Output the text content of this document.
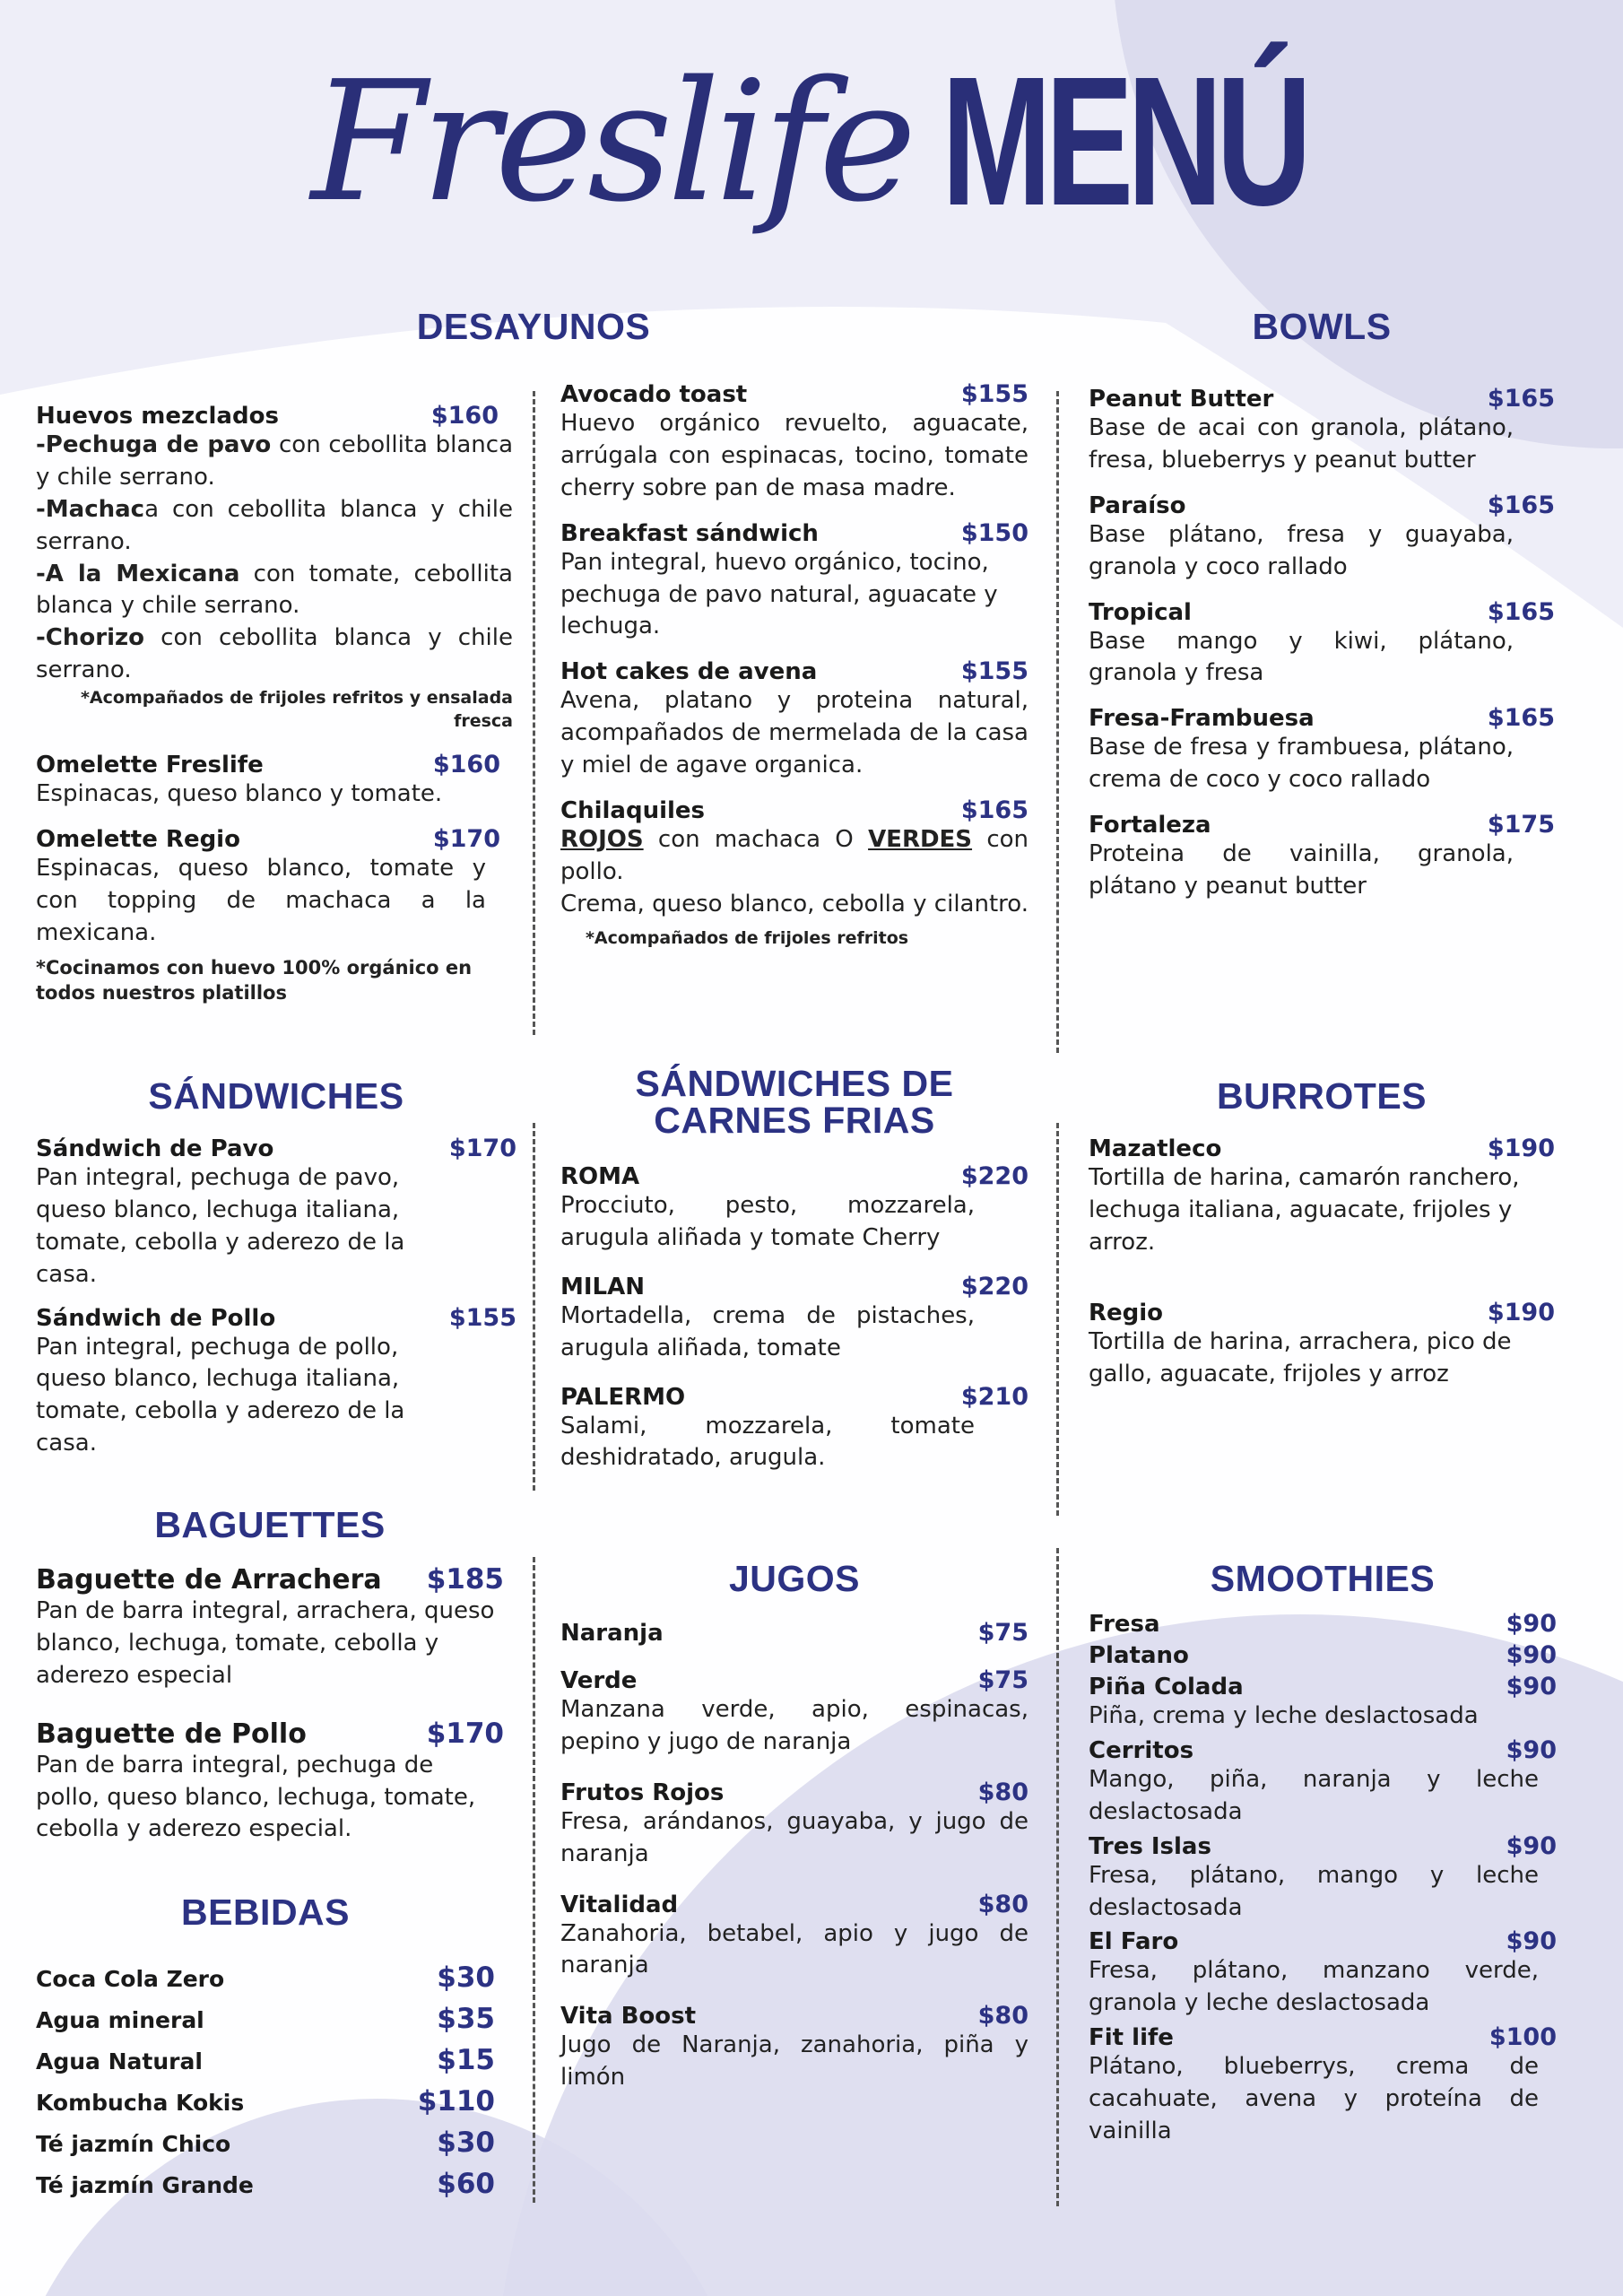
Freslife MENÚ
DESAYUNOS
Huevos mezclados	$160
-Pechuga de pavo con cebollita blanca y chile serrano.
-Machaca con cebollita blanca y chile serrano.
-A la Mexicana con tomate, cebollita blanca y chile serrano.
-Chorizo con cebollita blanca y chile serrano.
*Acompañados de frijoles refritos y ensalada fresca
Omelette Freslife	$160
Espinacas, queso blanco y tomate.
Omelette Regio	$170
Espinacas, queso blanco, tomate y con topping de machaca a la mexicana.
*Cocinamos con huevo 100% orgánico en todos nuestros platillos
Avocado toast	$155
Huevo orgánico revuelto, aguacate, arrúgala con espinacas, tocino, tomate cherry sobre pan de masa madre.
Breakfast sándwich	$150
Pan integral, huevo orgánico, tocino, pechuga de pavo natural, aguacate y lechuga.
Hot cakes de avena	$155
Avena, platano y proteina natural, acompañados de mermelada de la casa y miel de agave organica.
Chilaquiles	$165
ROJOS con machaca O VERDES con pollo.
Crema, queso blanco, cebolla y cilantro. *Acompañados de frijoles refritos
BOWLS
Peanut Butter	$165
Base de acai con granola, plátano, fresa, blueberrys y peanut butter
Paraíso	$165
Base plátano, fresa y guayaba, granola y coco rallado
Tropical	$165
Base mango y kiwi, plátano, granola y fresa
Fresa-Frambuesa	$165
Base de fresa y frambuesa, plátano, crema de coco y coco rallado
Fortaleza	$175
Proteina de vainilla, granola, plátano y peanut butter
SÁNDWICHES
Sándwich de Pavo	$170
Pan integral, pechuga de pavo, queso blanco, lechuga italiana, tomate, cebolla y aderezo de la casa.
Sándwich de Pollo	$155
Pan integral, pechuga de pollo, queso blanco, lechuga italiana, tomate, cebolla y aderezo de la casa.
SÁNDWICHES DE
CARNES FRIAS
ROMA	$220
Procciuto, pesto, mozzarela, arugula aliñada y tomate Cherry
MILAN	$220
Mortadella, crema de pistaches, arugula aliñada, tomate
PALERMO	$210
Salami, mozzarela, tomate deshidratado, arugula.
BURROTES
Mazatleco	$190
Tortilla de harina, camarón ranchero, lechuga italiana, aguacate, frijoles y arroz.
Regio	$190
Tortilla de harina, arrachera, pico de gallo, aguacate, frijoles y arroz
BAGUETTES
Baguette de Arrachera	$185
Pan de barra integral, arrachera, queso blanco, lechuga, tomate, cebolla y aderezo especial
Baguette de Pollo	$170
Pan de barra integral, pechuga de pollo, queso blanco, lechuga, tomate, cebolla y aderezo especial.
BEBIDAS
Coca Cola Zero	$30
Agua mineral	$35
Agua Natural	$15
Kombucha Kokis	$110
Té jazmín Chico	$30
Té jazmín Grande	$60
JUGOS
Naranja	$75
Verde	$75
Manzana verde, apio, espinacas, pepino y jugo de naranja
Frutos Rojos	$80
Fresa, arándanos, guayaba, y jugo de naranja
Vitalidad	$80
Zanahoria, betabel, apio y jugo de naranja
Vita Boost	$80
Jugo de Naranja, zanahoria, piña y limón
SMOOTHIES
Fresa	$90
Platano	$90
Piña Colada	$90
Piña, crema y leche deslactosada
Cerritos	$90
Mango, piña, naranja y leche deslactosada
Tres Islas	$90
Fresa, plátano, mango y leche deslactosada
El Faro	$90
Fresa, plátano, manzano verde, granola y leche deslactosada
Fit life	$100
Plátano, blueberrys, crema de cacahuate, avena y proteína de vainilla
